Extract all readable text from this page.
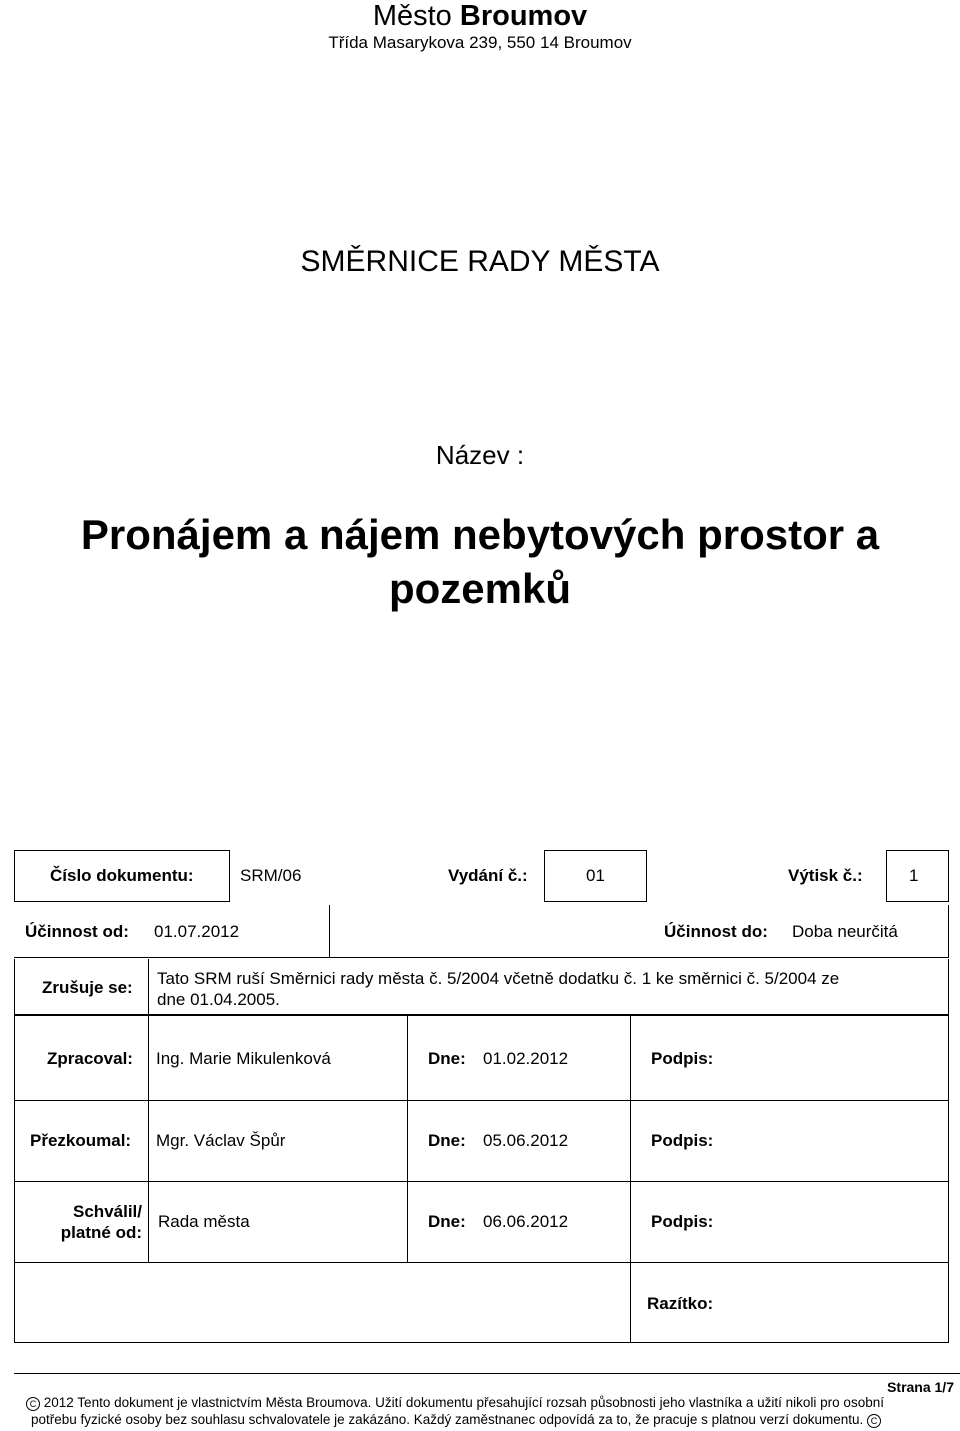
Město Broumov
Třída Masarykova 239, 550 14 Broumov
SMĚRNICE RADY MĚSTA
Název :
Pronájem a nájem nebytových prostor a
pozemků
Číslo dokumentu:	SRM/06	Vydání č.:	01	Výtisk č.:	1
Účinnost od: 01.07.2012	Účinnost do: Doba neurčitá
Zrušuje se: Tato SRM ruší Směrnici rady města č. 5/2004 včetně dodatku č. 1 ke směrnici č. 5/2004 ze
dne 01.04.2005.
Zpracoval: Ing. Marie Mikulenková	Dne: 01.02.2012	Podpis:
Přezkoumal: Mgr. Václav Špůr	Dne: 05.06.2012	Podpis:
Schválil/
platné od:
Rada města	Dne: 06.06.2012	Podpis:
Razítko:
Strana 1/7
C 2012 Tento dokument je vlastnictvím Města Broumova. Užití dokumentu přesahující rozsah působnosti jeho vlastníka a užití nikoli pro osobní
potřebu fyzické osoby bez souhlasu schvalovatele je zakázáno. Každý zaměstnanec odpovídá za to, že pracuje s platnou verzí dokumentu. C
